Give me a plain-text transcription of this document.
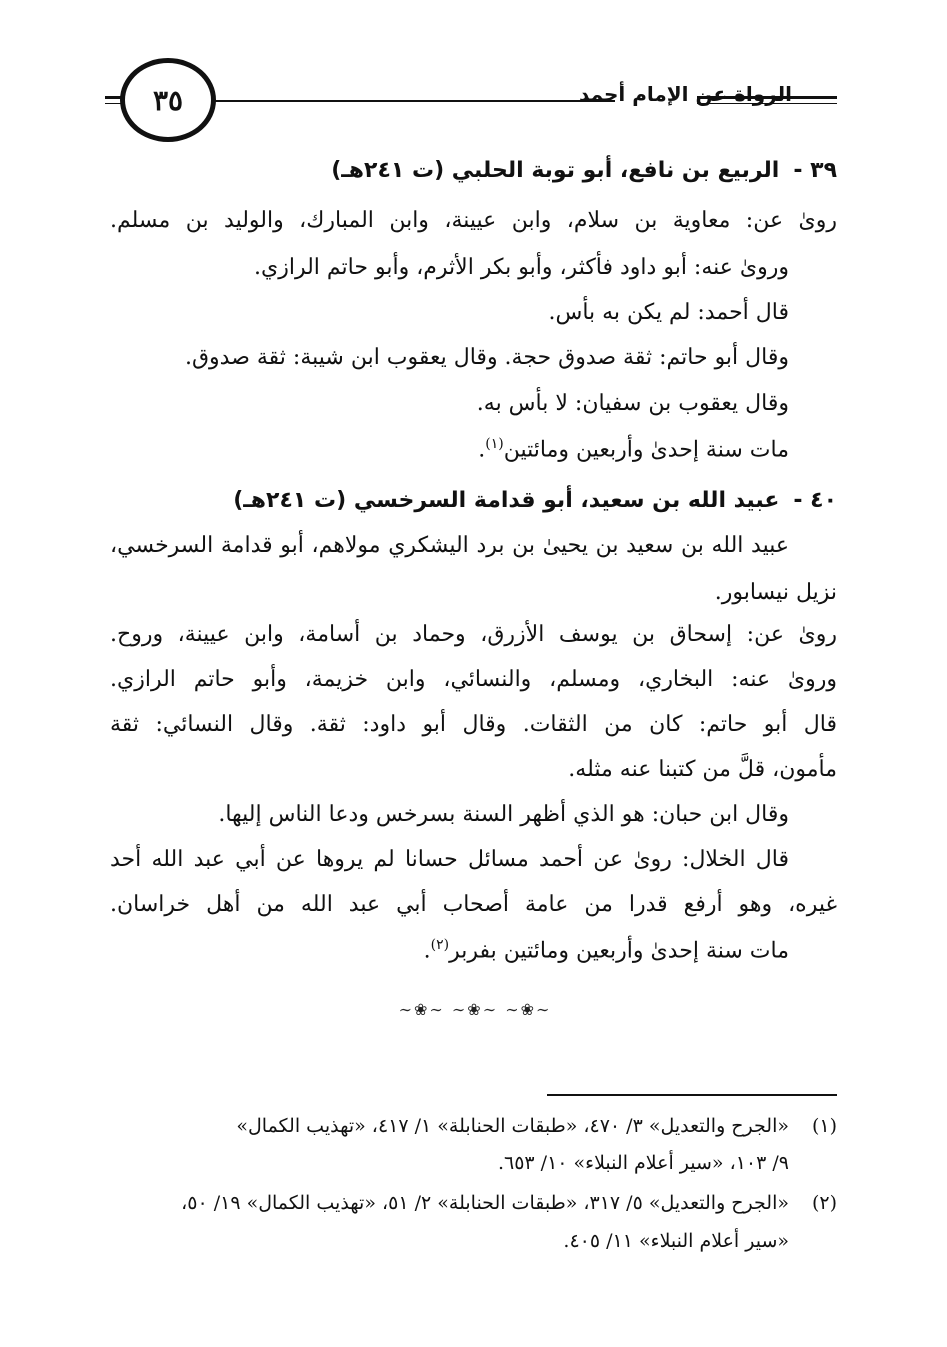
الرواة عن الإمام أحمد
٣٥
٣٩ -الربيع بن نافع، أبو توبة الحلبي (ت ٢٤١هـ)
رویٰ عن: معاوية بن سلام، وابن عيينة، وابن المبارك، والوليد بن مسلم.
وروىٰ عنه: أبو داود فأكثر، وأبو بكر الأثرم، وأبو حاتم الرازي.
قال أحمد: لم يكن به بأس.
وقال أبو حاتم: ثقة صدوق حجة. وقال يعقوب ابن شيبة: ثقة صدوق.
وقال يعقوب بن سفيان: لا بأس به.
مات سنة إحدىٰ وأربعين ومائتين$^{(١)}$.
٤٠ -عبيد الله بن سعيد، أبو قدامة السرخسي (ت ٢٤١هـ)
عبيد الله بن سعيد بن يحيىٰ بن برد اليشكري مولاهم، أبو قدامة السرخسي،
نزيل نيسابور.
روىٰ عن: إسحاق بن يوسف الأزرق، وحماد بن أسامة، وابن عيينة، وروح.
وروىٰ عنه: البخاري، ومسلم، والنسائي، وابن خزيمة، وأبو حاتم الرازي.
قال أبو حاتم: كان من الثقات. وقال أبو داود: ثقة. وقال النسائي: ثقة
مأمون، قلَّ من كتبنا عنه مثله.
وقال ابن حبان: هو الذي أظهر السنة بسرخس ودعا الناس إليها.
قال الخلال: روىٰ عن أحمد مسائل حسانا لم يروها عن أبي عبد الله أحد
غيره، وهو أرفع قدرا من عامة أصحاب أبي عبد الله من أهل خراسان.
مات سنة إحدىٰ وأربعين ومائتين بفربر$^{(٢)}$.
∽❀∽ ∽❀∽ ∽❀∽
(١)«الجرح والتعديل» ٣/ ٤٧٠، «طبقات الحنابلة» ١/ ٤١٧، «تهذيب الكمال»
٩/ ١٠٣، «سير أعلام النبلاء» ١٠/ ٦٥٣.
(٢)«الجرح والتعديل» ٥/ ٣١٧، «طبقات الحنابلة» ٢/ ٥١، «تهذيب الكمال» ١٩/ ٥٠،
«سير أعلام النبلاء» ١١/ ٤٠٥.
